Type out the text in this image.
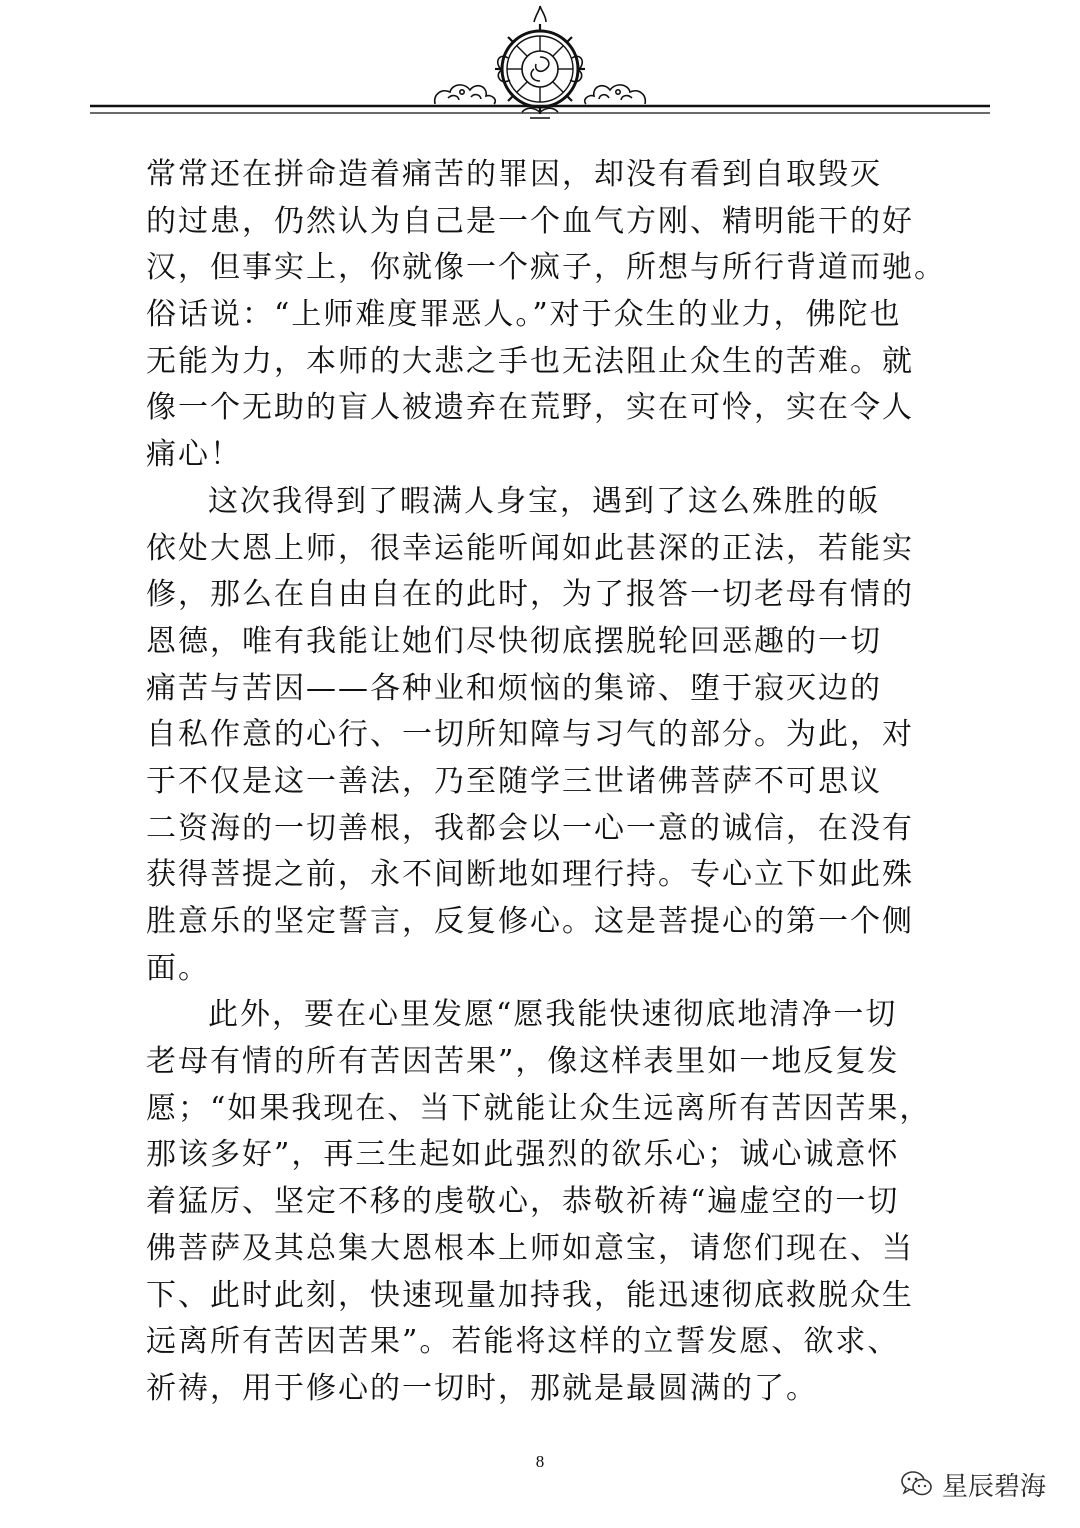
常常还在拼命造着痛苦的罪因，却没有看到自取毁灭
的过患，仍然认为自己是一个血气方刚、精明能干的好
汉，但事实上，你就像一个疯子，所想与所行背道而驰。
俗话说：“上师难度罪恶人。”对于众生的业力，佛陀也
无能为力，本师的大悲之手也无法阻止众生的苦难。就
像一个无助的盲人被遗弃在荒野，实在可怜，实在令人
痛心！
这次我得到了暇满人身宝，遇到了这么殊胜的皈
依处大恩上师，很幸运能听闻如此甚深的正法，若能实
修，那么在自由自在的此时，为了报答一切老母有情的
恩德，唯有我能让她们尽快彻底摆脱轮回恶趣的一切
痛苦与苦因——各种业和烦恼的集谛、堕于寂灭边的
自私作意的心行、一切所知障与习气的部分。为此，对
于不仅是这一善法，乃至随学三世诸佛菩萨不可思议
二资海的一切善根，我都会以一心一意的诚信，在没有
获得菩提之前，永不间断地如理行持。专心立下如此殊
胜意乐的坚定誓言，反复修心。这是菩提心的第一个侧
面。
此外，要在心里发愿“愿我能快速彻底地清净一切
老母有情的所有苦因苦果”，像这样表里如一地反复发
愿；“如果我现在、当下就能让众生远离所有苦因苦果，
那该多好”，再三生起如此强烈的欲乐心；诚心诚意怀
着猛厉、坚定不移的虔敬心，恭敬祈祷“遍虚空的一切
佛菩萨及其总集大恩根本上师如意宝，请您们现在、当
下、此时此刻，快速现量加持我，能迅速彻底救脱众生
远离所有苦因苦果”。若能将这样的立誓发愿、欲求、
祈祷，用于修心的一切时，那就是最圆满的了。
8
星辰碧海
